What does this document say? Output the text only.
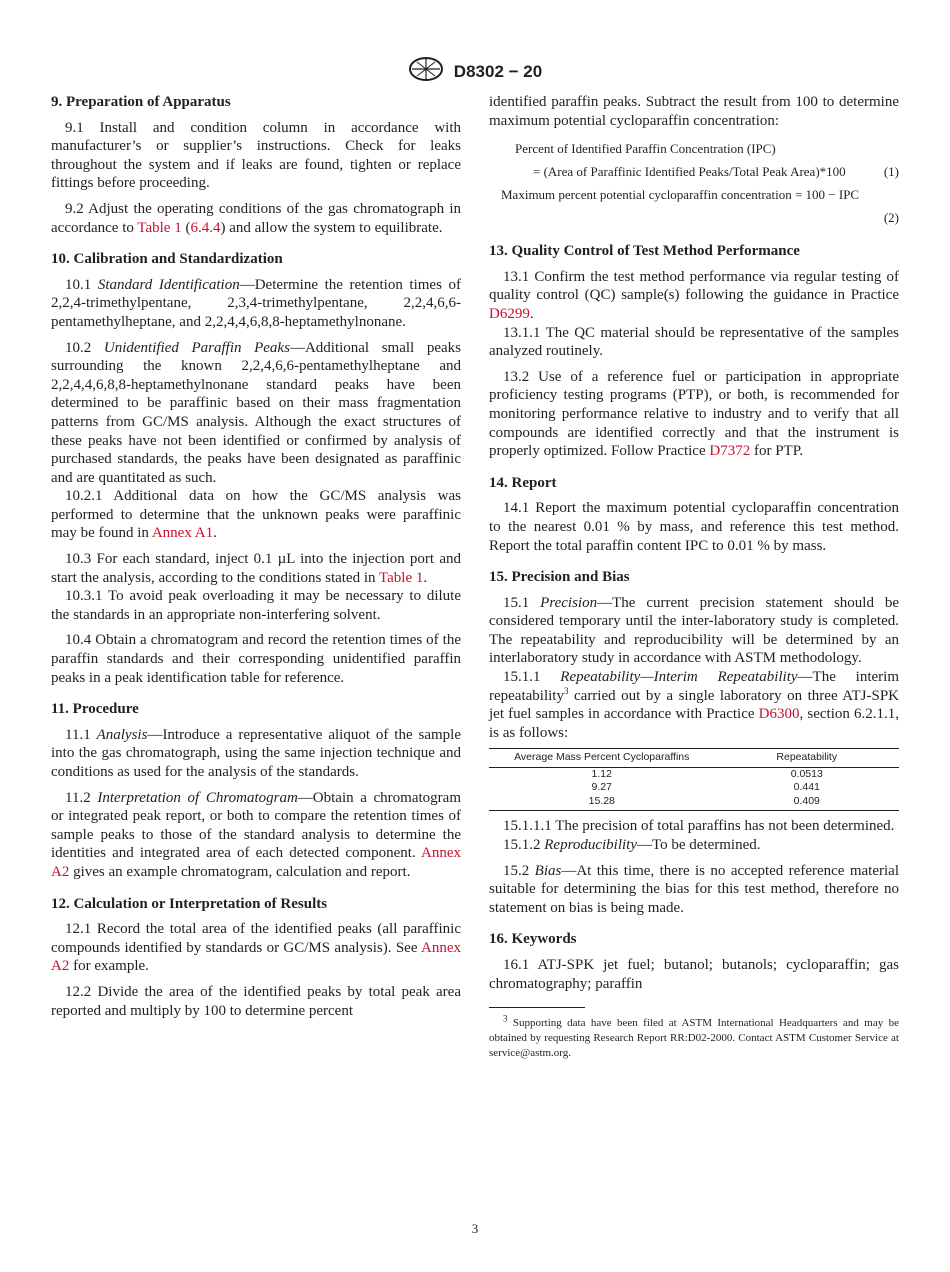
D8302 − 20
9. Preparation of Apparatus

9.1 Install and condition column in accordance with manufacturer’s or supplier’s instructions. Check for leaks throughout the system and if leaks are found, tighten or replace fittings before proceeding.

9.2 Adjust the operating conditions of the gas chromatograph in accordance to Table 1 (6.4.4) and allow the system to equilibrate.

10. Calibration and Standardization

10.1 Standard Identification—Determine the retention times of 2,2,4-trimethylpentane, 2,3,4-trimethylpentane, 2,2,4,6,6-pentamethylheptane, and 2,2,4,4,6,8,8-heptamethylnonane.

10.2 Unidentified Paraffin Peaks—Additional small peaks surrounding the known 2,2,4,6,6-pentamethylheptane and 2,2,4,4,6,8,8-heptamethylnonane standard peaks have been determined to be paraffinic based on their mass fragmentation patterns from GC/MS analysis. Although the exact structures of these peaks have not been identified or confirmed by analysis of purchased standards, the peaks have been designated as paraffinic and are quantitated as such.

10.2.1 Additional data on how the GC/MS analysis was performed to determine that the unknown peaks were paraffinic may be found in Annex A1.

10.3 For each standard, inject 0.1 µL into the injection port and start the analysis, according to the conditions stated in Table 1.

10.3.1 To avoid peak overloading it may be necessary to dilute the standards in an appropriate non-interfering solvent.

10.4 Obtain a chromatogram and record the retention times of the paraffin standards and their corresponding unidentified paraffin peaks in a peak identification table for reference.

11. Procedure

11.1 Analysis—Introduce a representative aliquot of the sample into the gas chromatograph, using the same injection technique and conditions as used for the analysis of the standards.

11.2 Interpretation of Chromatogram—Obtain a chromatogram or integrated peak report, or both to compare the retention times of sample peaks to those of the standard analysis to determine the identities and integrated area of each detected component. Annex A2 gives an example chromatogram, calculation and report.

12. Calculation or Interpretation of Results

12.1 Record the total area of the identified peaks (all paraffinic compounds identified by standards or GC/MS analysis). See Annex A2 for example.

12.2 Divide the area of the identified peaks by total peak area reported and multiply by 100 to determine percent

identified paraffin peaks. Subtract the result from 100 to determine maximum potential cycloparaffin concentration:

Percent of Identified Paraffin Concentration (IPC)
= (Area of Paraffinic Identified Peaks/Total Peak Area)*100	(1)
Maximum percent potential cycloparaffin concentration = 100 − IPC
(2)
13. Quality Control of Test Method Performance

13.1 Confirm the test method performance via regular testing of quality control (QC) sample(s) following the guidance in Practice D6299.

13.1.1 The QC material should be representative of the samples analyzed routinely.

13.2 Use of a reference fuel or participation in appropriate proficiency testing programs (PTP), or both, is recommended for monitoring performance relative to industry and to verify that all compounds are identified correctly and that the instrument is properly optimized. Follow Practice D7372 for PTP.

14. Report

14.1 Report the maximum potential cycloparaffin concentration to the nearest 0.01 % by mass, and reference this test method. Report the total paraffin content IPC to 0.01 % by mass.

15. Precision and Bias

15.1 Precision—The current precision statement should be considered temporary until the inter-laboratory study is completed. The repeatability and reproducibility will be determined by an interlaboratory study in accordance with ASTM methodology.

15.1.1 Repeatability—Interim Repeatability—The interim repeatability$^3$ carried out by a single laboratory on three ATJ-SPK jet fuel samples in accordance with Practice D6300, section 6.2.1.1, is as follows:

Average Mass Percent Cycloparaffins	Repeatability
1.12	0.0513
9.27	0.441
15.28	0.409

15.1.1.1 The precision of total paraffins has not been determined.

15.1.2 Reproducibility—To be determined.

15.2 Bias—At this time, there is no accepted reference material suitable for determining the bias for this test method, therefore no statement on bias is being made.

16. Keywords

16.1 ATJ-SPK jet fuel; butanol; butanols; cycloparaffin; gas chromatography; paraffin

$^3$ Supporting data have been filed at ASTM International Headquarters and may be obtained by requesting Research Report RR:D02-2000. Contact ASTM Customer Service at service@astm.org.

3
